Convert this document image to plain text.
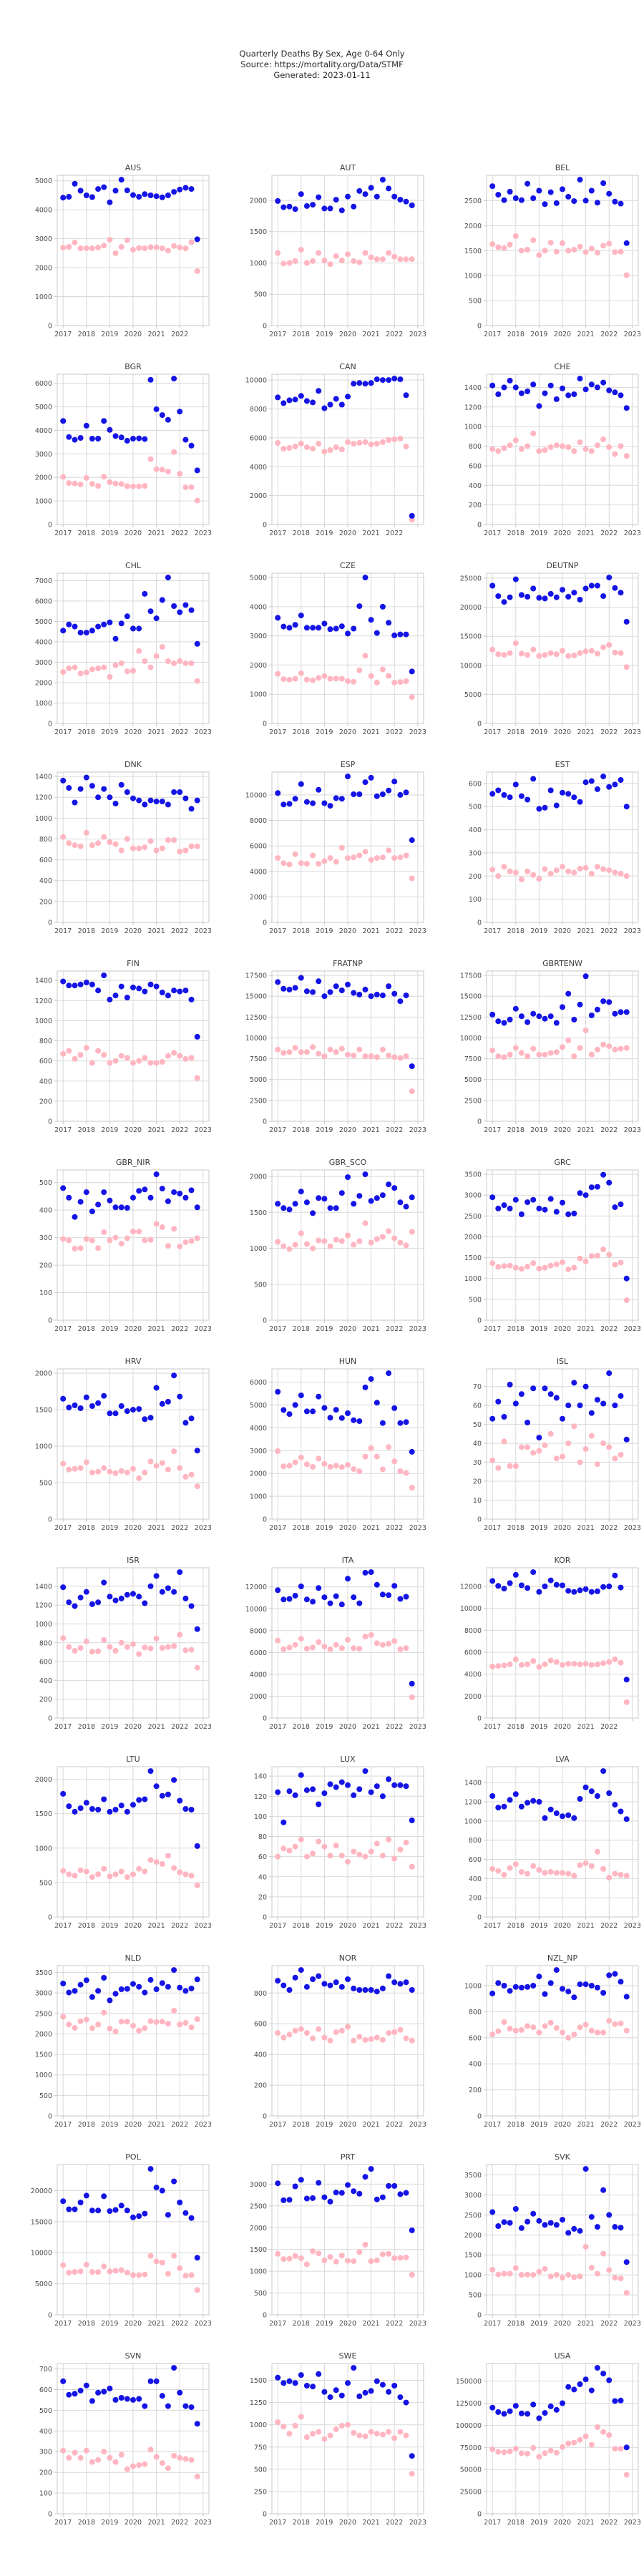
Quarterly Deaths By Sex, Age 0-64 Only
Source: https://mortality.org/Data/STMF
Generated: 2023-01-11
0
1000
2000
3000
4000
5000
2017 2018 2019 2020 2021 2022
AUS
0
500
1000
1500
2000
2017 2018 2019 2020 2021 2022 2023
AUT
0
500
1000
1500
2000
2500
2017 2018 2019 2020 2021 2022 2023
BEL
0
1000
2000
3000
4000
5000
6000
2017 2018 2019 2020 2021 2022 2023
BGR
0
2000
4000
6000
8000
10000
2017 2018 2019 2020 2021 2022
CAN
0
200
400
600
800
1000
1200
1400
2017 2018 2019 2020 2021 2022 2023
CHE
0
1000
2000
3000
4000
5000
6000
7000
2017 2018 2019 2020 2021 2022 2023
CHL
0
1000
2000
3000
4000
5000
2017 2018 2019 2020 2021 2022 2023
CZE
0
5000
10000
15000
20000
25000
2017 2018 2019 2020 2021 2022 2023
DEUTNP
0
200
400
600
800
1000
1200
1400
2017 2018 2019 2020 2021 2022 2023
DNK
0
2000
4000
6000
8000
10000
2017 2018 2019 2020 2021 2022 2023
ESP
0
100
200
300
400
500
600
2017 2018 2019 2020 2021 2022 2023
EST
0
200
400
600
800
1000
1200
1400
2017 2018 2019 2020 2021 2022 2023
FIN
0
2500
5000
7500
10000
12500
15000
17500
2017 2018 2019 2020 2021 2022 2023
FRATNP
0
2500
5000
7500
10000
12500
15000
17500
2017 2018 2019 2020 2021 2022 2023
GBRTENW
0
100
200
300
400
500
2017 2018 2019 2020 2021 2022 2023
GBR_NIR
0
500
1000
1500
2000
2017 2018 2019 2020 2021 2022 2023
GBR_SCO
0
500
1000
1500
2000
2500
3000
3500
2017 2018 2019 2020 2021 2022 2023
GRC
0
500
1000
1500
2000
2017 2018 2019 2020 2021 2022 2023
HRV
0
1000
2000
3000
4000
5000
6000
2017 2018 2019 2020 2021 2022 2023
HUN
0
10
20
30
40
50
60
70
2017 2018 2019 2020 2021 2022 2023
ISL
0
200
400
600
800
1000
1200
1400
2017 2018 2019 2020 2021 2022 2023
ISR
0
2000
4000
6000
8000
10000
12000
2017 2018 2019 2020 2021 2022 2023
ITA
0
2000
4000
6000
8000
10000
12000
2017 2018 2019 2020 2021 2022
KOR
0
500
1000
1500
2000
2017 2018 2019 2020 2021 2022 2023
LTU
0
20
40
60
80
100
120
140
2017 2018 2019 2020 2021 2022 2023
LUX
0
200
400
600
800
1000
1200
1400
2017 2018 2019 2020 2021 2022 2023
LVA
0
500
1000
1500
2000
2500
3000
3500
2017 2018 2019 2020 2021 2022 2023
NLD
0
200
400
600
800
2017 2018 2019 2020 2021 2022 2023
NOR
0
200
400
600
800
1000
2017 2018 2019 2020 2021 2022 2023
NZL_NP
0
5000
10000
15000
20000
2017 2018 2019 2020 2021 2022 2023
POL
0
500
1000
1500
2000
2500
3000
2017 2018 2019 2020 2021 2022 2023
PRT
0
500
1000
1500
2000
2500
3000
3500
2017 2018 2019 2020 2021 2022 2023
SVK
0
100
200
300
400
500
600
700
2017 2018 2019 2020 2021 2022 2023
SVN
0
250
500
750
1000
1250
1500
2017 2018 2019 2020 2021 2022 2023
SWE
0
25000
50000
75000
100000
125000
150000
2017 2018 2019 2020 2021 2022 2023
USA
